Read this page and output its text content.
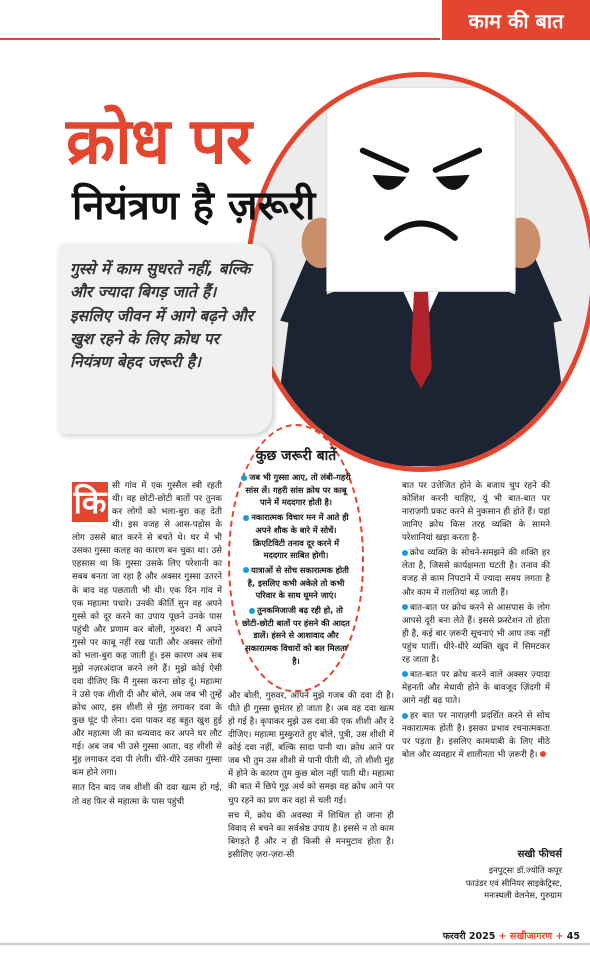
काम की बात
क्रोध पर
नियंत्रण है ज़रूरी

गुस्से में काम सुधरते नहीं, बल्कि और ज्यादा बिगड़ जाते हैं। इसलिए जीवन में आगे बढ़ने और खुश रहने के लिए क्रोध पर नियंत्रण बेहद जरूरी है।

कुछ जरूरी बातें
जब भी गुस्सा आए, तो लंबी-गहरी सांस लें। गहरी सांस क्रोध पर काबू पाने में मददगार होती है।
नकारात्मक विचार मन में आते ही अपने शौक के बारे में सोचें। क्रिएटिविटी तनाव दूर करने में मददगार साबित होगी।
यात्राओं से सोच सकारात्मक होती है, इसलिए कभी अकेले तो कभी परिवार के साथ घूमने जाएं।
तुनकमिजाजी बढ़ रही हो, तो छोटी-छोटी बातों पर हंसने की आदत डालें। हंसने से आशावाद और सकारात्मक विचारों को बल मिलता है।
कि सी गांव में एक गुस्सैल स्त्री रहती थी। वह छोटी-छोटी बातों पर तुनक कर लोगों को भला-बुरा कह देती थी। इस वजह से आस-पड़ोस के लोग उससे बात करने से बचते थे। घर में भी उसका गुस्सा कलह का कारण बन चुका था। उसे एहसास था कि गुस्सा उसके लिए परेशानी का सबब बनता जा रहा है और अक्सर गुस्सा उतरने के बाद वह पछताती भी थी। एक दिन गांव में एक महात्मा पधारे। उनकी कीर्ति सुन वह अपने गुस्से को दूर करने का उपाय पूछने उनके पास पहुंची और प्रणाम कर बोली, गुरुवर! मैं अपने गुस्से पर काबू नहीं रख पाती और अक्सर लोगों को भला-बुरा कह जाती हूं। इस कारण अब सब मुझे नज़रअंदाज करने लगे हैं। मुझे कोई ऐसी दवा दीजिए कि मैं गुस्सा करना छोड़ दूं। महात्मा ने उसे एक शीशी दी और बोले, अब जब भी तुम्हें क्रोध आए, इस शीशी से मुंह लगाकर दवा के कुछ घूंट पी लेना। दवा पाकर वह बहुत खुश हुई और महात्मा जी का धन्यवाद कर अपने घर लौट गई। अब जब भी उसे गुस्सा आता, वह शीशी से मुंह लगाकर दवा पी लेती। धीरे-धीरे उसका गुस्सा कम होने लगा।

सात दिन बाद जब शीशी की दवा खत्म हो गई, तो वह फिर से महात्मा के पास पहुंची

और बोली, गुरुवर, आपने मुझे गजब की दवा दी है। पीते ही गुस्सा छूमंतर हो जाता है। अब वह दवा खत्म हो गई है। कृपाकर मुझे उस दवा की एक शीशी और दे दीजिए। महात्मा मुस्कुराते हुए बोले, पुत्री, उस शीशी में कोई दवा नहीं, बल्कि सादा पानी था। क्रोध आने पर जब भी तुम उस शीशी से पानी पीती थी, तो शीशी मुंह में होने के कारण तुम कुछ बोल नहीं पाती थी। महात्मा की बात में छिपे गूढ़ अर्थ को समझ वह क्रोध आने पर चुप रहने का प्रण कर वहां से चली गई।

सच में, क्रोध की अवस्था में शिथिल हो जाना ही विवाद से बचने का सर्वश्रेष्ठ उपाय है। इससे न तो काम बिगड़ते हैं और न ही किसी से मनमुटाव होता है। इसीलिए ज़रा-ज़रा-सी

बात पर उत्तेजित होने के बजाय चुप रहने की कोशिश करनी चाहिए, यूं भी बात-बात पर नाराज़गी प्रकट करने से नुकसान ही होते हैं। यहां जानिए क्रोध किस तरह व्यक्ति के सामने परेशानियां खड़ा करता है-

क्रोध व्यक्ति के सोचने-समझने की शक्ति हर लेता है, जिससे कार्यक्षमता घटती है। तनाव की वजह से काम निपटाने में ज्यादा समय लगता है और काम में ग़लतियां बढ़ जाती हैं।

बात-बात पर क्रोध करने से आसपास के लोग आपसे दूरी बना लेते हैं। इससे फ्रस्टेशन तो होता ही है, कई बार ज़रूरी सूचनाएं भी आप तक नहीं पहुंच पातीं। धीरे-धीरे व्यक्ति खुद में सिमटकर रह जाता है।

बात-बात पर क्रोध करने वाले अक्सर ज़्यादा मेहनती और मेधावी होने के बावजूद ज़िंदगी में आगे नहीं बढ़ पाते।

हर बात पर नाराज़गी प्रदर्शित करने से सोच नकारात्मक होती है। इसका प्रभाव रचनात्मकता पर पड़ता है। इसलिए कामयाबी के लिए मीठे बोल और व्यवहार में शालीनता भी ज़रूरी है।

सखी फीचर्स
इनपुट्सः डॉ.ज्योति कपूर
फाउंडर एवं सीनियर साइकेट्रिस्ट,
मनःस्थली वेलनेस, गुरुग्राम
फरवरी 2025 + सखीजागरण + 45
